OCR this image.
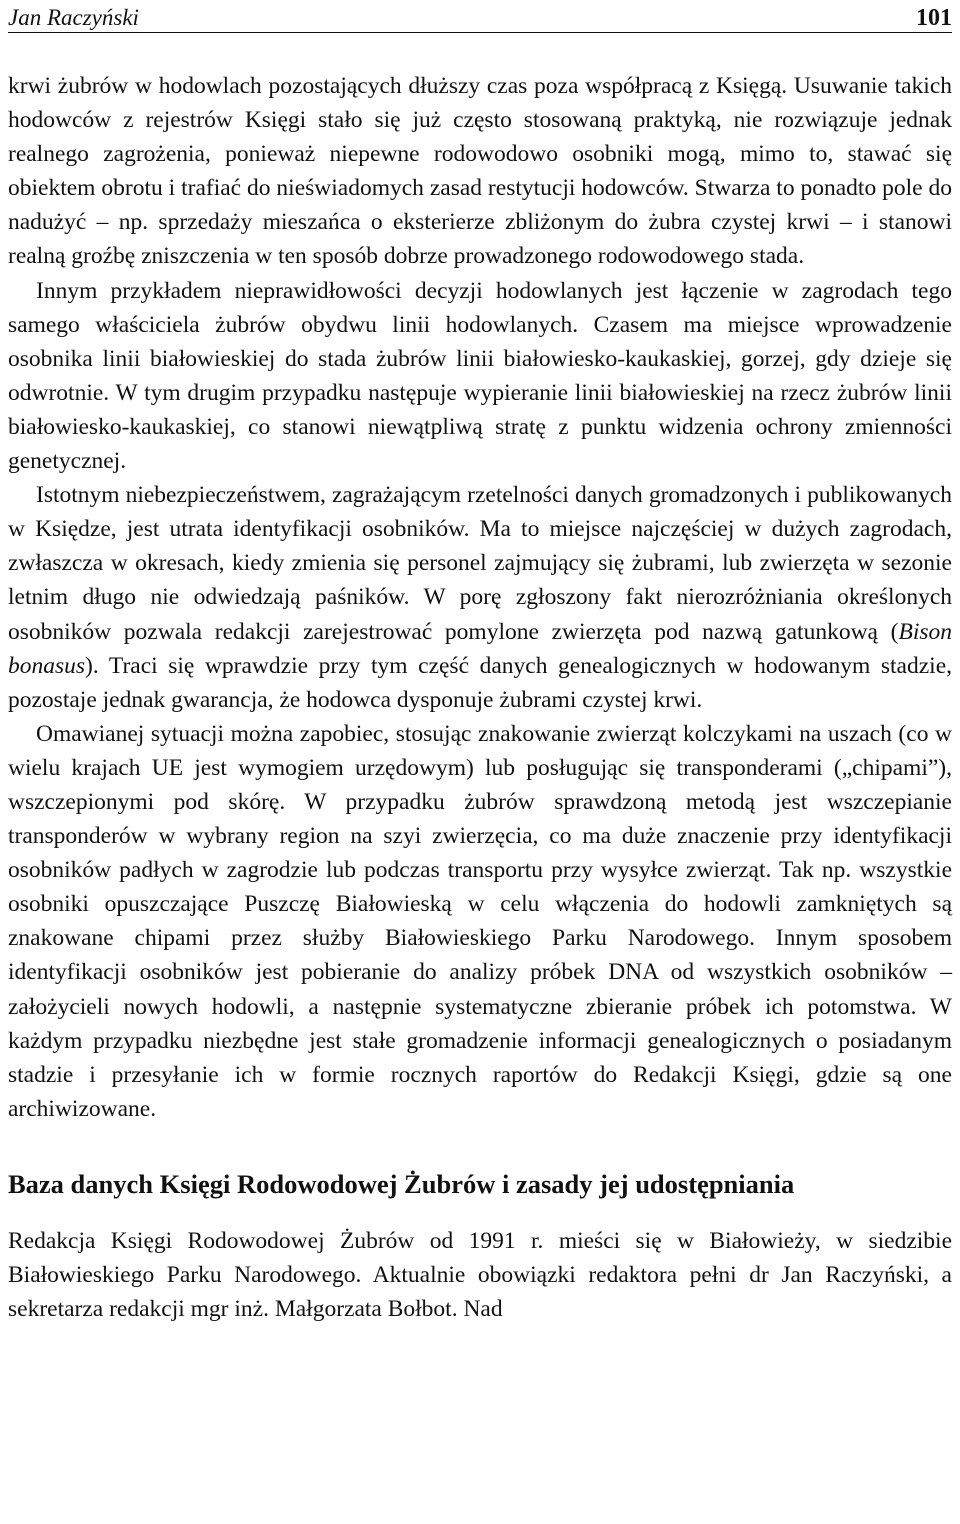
Jan Raczyński	101

krwi żubrów w hodowlach pozostających dłuższy czas poza współpracą z Księgą. Usuwanie takich hodowców z rejestrów Księgi stało się już często stosowaną praktyką, nie rozwiązuje jednak realnego zagrożenia, ponieważ niepewne rodowodowo osobniki mogą, mimo to, stawać się obiektem obrotu i trafiać do nieświadomych zasad restytucji hodowców. Stwarza to ponadto pole do nadużyć – np. sprzedaży mieszańca o eksterierze zbliżonym do żubra czystej krwi – i stanowi realną groźbę zniszczenia w ten sposób dobrze prowadzonego rodowodowego stada.

Innym przykładem nieprawidłowości decyzji hodowlanych jest łączenie w zagrodach tego samego właściciela żubrów obydwu linii hodowlanych. Czasem ma miejsce wprowadzenie osobnika linii białowieskiej do stada żubrów linii białowiesko-kaukaskiej, gorzej, gdy dzieje się odwrotnie. W tym drugim przypadku następuje wypieranie linii białowieskiej na rzecz żubrów linii białowiesko-kaukaskiej, co stanowi niewątpliwą stratę z punktu widzenia ochrony zmienności genetycznej.

Istotnym niebezpieczeństwem, zagrażającym rzetelności danych gromadzonych i publikowanych w Księdze, jest utrata identyfikacji osobników. Ma to miejsce najczęściej w dużych zagrodach, zwłaszcza w okresach, kiedy zmienia się personel zajmujący się żubrami, lub zwierzęta w sezonie letnim długo nie odwiedzają paśników. W porę zgłoszony fakt nierozróżniania określonych osobników pozwala redakcji zarejestrować pomylone zwierzęta pod nazwą gatunkową (Bison bonasus). Traci się wprawdzie przy tym część danych genealogicznych w hodowanym stadzie, pozostaje jednak gwarancja, że hodowca dysponuje żubrami czystej krwi.

Omawianej sytuacji można zapobiec, stosując znakowanie zwierząt kolczykami na uszach (co w wielu krajach UE jest wymogiem urzędowym) lub posługując się transponderami („chipami”), wszczepionymi pod skórę. W przypadku żubrów sprawdzoną metodą jest wszczepianie transponderów w wybrany region na szyi zwierzęcia, co ma duże znaczenie przy identyfikacji osobników padłych w zagrodzie lub podczas transportu przy wysyłce zwierząt. Tak np. wszystkie osobniki opuszczające Puszczę Białowieską w celu włączenia do hodowli zamkniętych są znakowane chipami przez służby Białowieskiego Parku Narodowego. Innym sposobem identyfikacji osobników jest pobieranie do analizy próbek DNA od wszystkich osobników – założycieli nowych hodowli, a następnie systematyczne zbieranie próbek ich potomstwa. W każdym przypadku niezbędne jest stałe gromadzenie informacji genealogicznych o posiadanym stadzie i przesyłanie ich w formie rocznych raportów do Redakcji Księgi, gdzie są one archiwizowane.

Baza danych Księgi Rodowodowej Żubrów i zasady jej udostępniania

Redakcja Księgi Rodowodowej Żubrów od 1991 r. mieści się w Białowieży, w siedzibie Białowieskiego Parku Narodowego. Aktualnie obowiązki redaktora pełni dr Jan Raczyński, a sekretarza redakcji mgr inż. Małgorzata Bołbot. Nad
